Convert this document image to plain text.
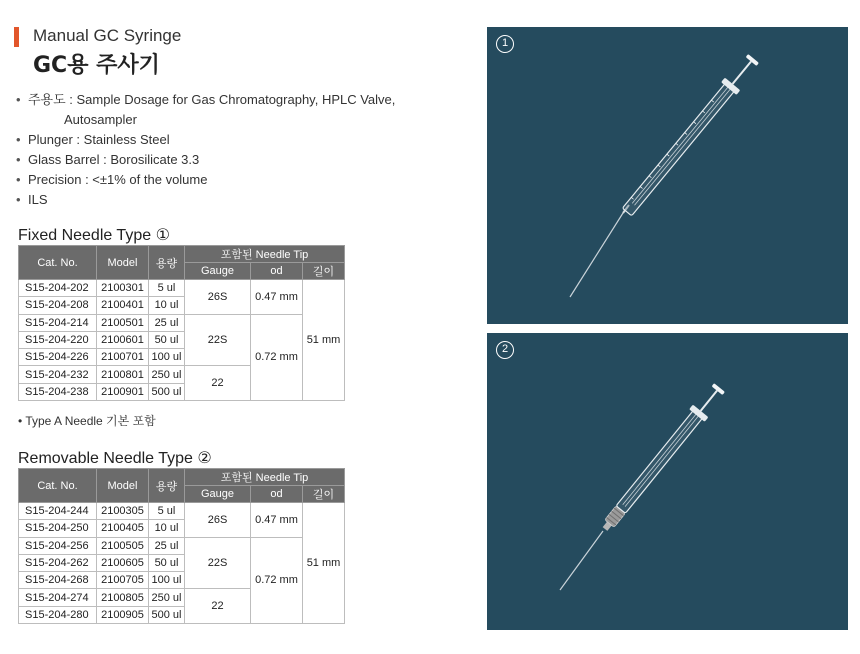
Manual GC Syringe
GC용 주사기
• 주용도 : Sample Dosage for Gas Chromatography, HPLC Valve,
Autosampler
• Plunger : Stainless Steel
• Glass Barrel : Borosilicate 3.3
• Precision : <±1% of the volume
• ILS
Fixed Needle Type ①
Cat. No.	Model	용량	포함된 Needle Tip		
			Gauge	od	길이
S15-204-202	2100301	5 ul	26S	0.47 mm	51 mm
S15-204-208	2100401	10 ul			
S15-204-214	2100501	25 ul	22S	0.72 mm	
S15-204-220	2100601	50 ul			
S15-204-226	2100701	100 ul			
S15-204-232	2100801	250 ul	22		
S15-204-238	2100901	500 ul			
• Type A Needle 기본 포함
Removable Needle Type ②
Cat. No.	Model	용량	포함된 Needle Tip		
			Gauge	od	길이
S15-204-244	2100305	5 ul	26S	0.47 mm	51 mm
S15-204-250	2100405	10 ul			
S15-204-256	2100505	25 ul	22S	0.72 mm	
S15-204-262	2100605	50 ul			
S15-204-268	2100705	100 ul			
S15-204-274	2100805	250 ul	22		
S15-204-280	2100905	500 ul			
1
2
